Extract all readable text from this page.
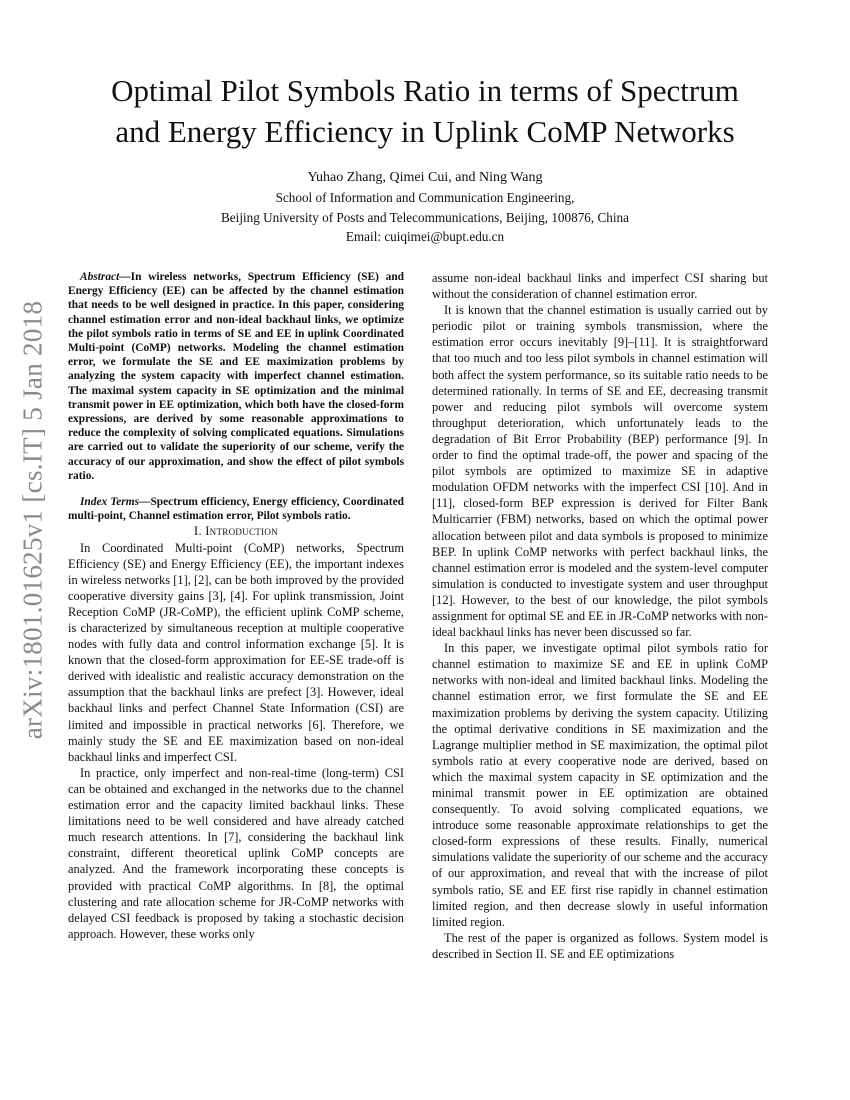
arXiv:1801.01625v1 [cs.IT] 5 Jan 2018
Optimal Pilot Symbols Ratio in terms of Spectrum
and Energy Efficiency in Uplink CoMP Networks
Yuhao Zhang, Qimei Cui, and Ning Wang
School of Information and Communication Engineering,
Beijing University of Posts and Telecommunications, Beijing, 100876, China
Email: cuiqimei@bupt.edu.cn

Abstract—In wireless networks, Spectrum Efficiency (SE) and Energy Efficiency (EE) can be affected by the channel estimation that needs to be well designed in practice. In this paper, considering channel estimation error and non-ideal backhaul links, we optimize the pilot symbols ratio in terms of SE and EE in uplink Coordinated Multi-point (CoMP) networks. Modeling the channel estimation error, we formulate the SE and EE maximization problems by analyzing the system capacity with imperfect channel estimation. The maximal system capacity in SE optimization and the minimal transmit power in EE optimization, which both have the closed-form expressions, are derived by some reasonable approximations to reduce the complexity of solving complicated equations. Simulations are carried out to validate the superiority of our scheme, verify the accuracy of our approximation, and show the effect of pilot symbols ratio.

Index Terms—Spectrum efficiency, Energy efficiency, Coordinated multi-point, Channel estimation error, Pilot symbols ratio.

I. Introduction

In Coordinated Multi-point (CoMP) networks, Spectrum Efficiency (SE) and Energy Efficiency (EE), the important indexes in wireless networks [1], [2], can be both improved by the provided cooperative diversity gains [3], [4]. For uplink transmission, Joint Reception CoMP (JR-CoMP), the efficient uplink CoMP scheme, is characterized by simultaneous reception at multiple cooperative nodes with fully data and control information exchange [5]. It is known that the closed-form approximation for EE-SE trade-off is derived with idealistic and realistic accuracy demonstration on the assumption that the backhaul links are prefect [3]. However, ideal backhaul links and perfect Channel State Information (CSI) are limited and impossible in practical networks [6]. Therefore, we mainly study the SE and EE maximization based on non-ideal backhaul links and imperfect CSI.

In practice, only imperfect and non-real-time (long-term) CSI can be obtained and exchanged in the networks due to the channel estimation error and the capacity limited backhaul links. These limitations need to be well considered and have already catched much research attentions. In [7], considering the backhaul link constraint, different theoretical uplink CoMP concepts are analyzed. And the framework incorporating these concepts is provided with practical CoMP algorithms. In [8], the optimal clustering and rate allocation scheme for JR-CoMP networks with delayed CSI feedback is proposed by taking a stochastic decision approach. However, these works only

assume non-ideal backhaul links and imperfect CSI sharing but without the consideration of channel estimation error.

It is known that the channel estimation is usually carried out by periodic pilot or training symbols transmission, where the estimation error occurs inevitably [9]–[11]. It is straightforward that too much and too less pilot symbols in channel estimation will both affect the system performance, so its suitable ratio needs to be determined rationally. In terms of SE and EE, decreasing transmit power and reducing pilot symbols will overcome system throughput deterioration, which unfortunately leads to the degradation of Bit Error Probability (BEP) performance [9]. In order to find the optimal trade-off, the power and spacing of the pilot symbols are optimized to maximize SE in adaptive modulation OFDM networks with the imperfect CSI [10]. And in [11], closed-form BEP expression is derived for Filter Bank Multicarrier (FBM) networks, based on which the optimal power allocation between pilot and data symbols is proposed to minimize BEP. In uplink CoMP networks with perfect backhaul links, the channel estimation error is modeled and the system-level computer simulation is conducted to investigate system and user throughput [12]. However, to the best of our knowledge, the pilot symbols assignment for optimal SE and EE in JR-CoMP networks with non-ideal backhaul links has never been discussed so far.

In this paper, we investigate optimal pilot symbols ratio for channel estimation to maximize SE and EE in uplink CoMP networks with non-ideal and limited backhaul links. Modeling the channel estimation error, we first formulate the SE and EE maximization problems by deriving the system capacity. Utilizing the optimal derivative conditions in SE maximization and the Lagrange multiplier method in SE maximization, the optimal pilot symbols ratio at every cooperative node are derived, based on which the maximal system capacity in SE optimization and the minimal transmit power in EE optimization are obtained consequently. To avoid solving complicated equations, we introduce some reasonable approximate relationships to get the closed-form expressions of these results. Finally, numerical simulations validate the superiority of our scheme and the accuracy of our approximation, and reveal that with the increase of pilot symbols ratio, SE and EE first rise rapidly in channel estimation limited region, and then decrease slowly in useful information limited region.

The rest of the paper is organized as follows. System model is described in Section II. SE and EE optimizations
